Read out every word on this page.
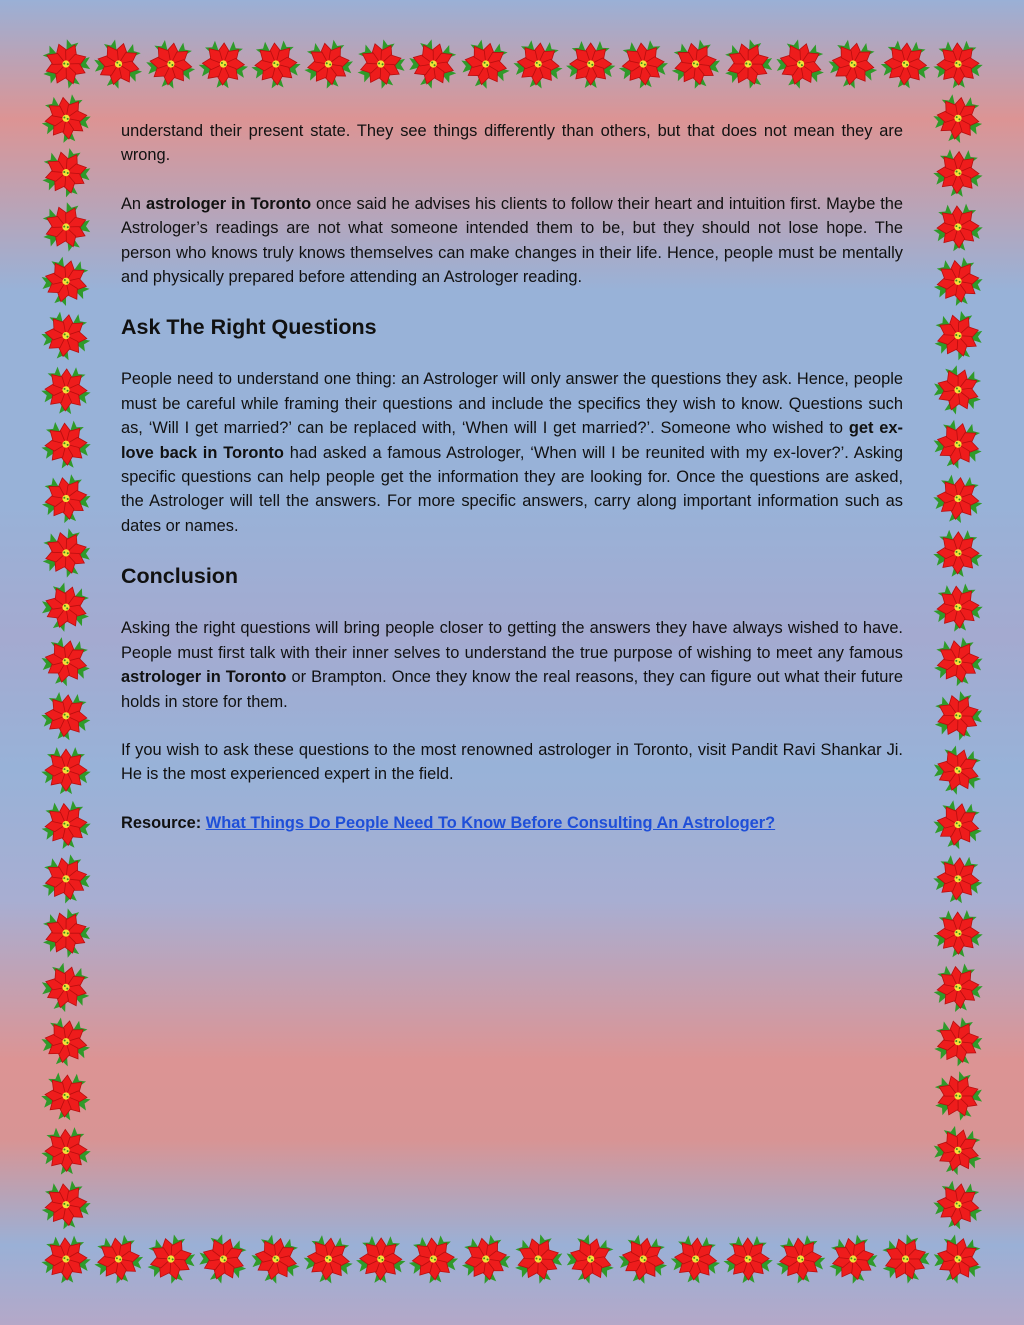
understand their present state. They see things differently than others, but that does not mean they are wrong.

An astrologer in Toronto once said he advises his clients to follow their heart and intuition first. Maybe the Astrologer’s readings are not what someone intended them to be, but they should not lose hope. The person who knows truly knows themselves can make changes in their life. Hence, people must be mentally and physically prepared before attending an Astrologer reading.

Ask The Right Questions

People need to understand one thing: an Astrologer will only answer the questions they ask. Hence, people must be careful while framing their questions and include the specifics they wish to know. Questions such as, ‘Will I get married?’ can be replaced with, ‘When will I get married?’. Someone who wished to get ex-love back in Toronto had asked a famous Astrologer, ‘When will I be reunited with my ex-lover?’. Asking specific questions can help people get the information they are looking for. Once the questions are asked, the Astrologer will tell the answers. For more specific answers, carry along important information such as dates or names.

Conclusion

Asking the right questions will bring people closer to getting the answers they have always wished to have. People must first talk with their inner selves to understand the true purpose of wishing to meet any famous astrologer in Toronto or Brampton. Once they know the real reasons, they can figure out what their future holds in store for them.

If you wish to ask these questions to the most renowned astrologer in Toronto, visit Pandit Ravi Shankar Ji. He is the most experienced expert in the field.

Resource: What Things Do People Need To Know Before Consulting An Astrologer?
